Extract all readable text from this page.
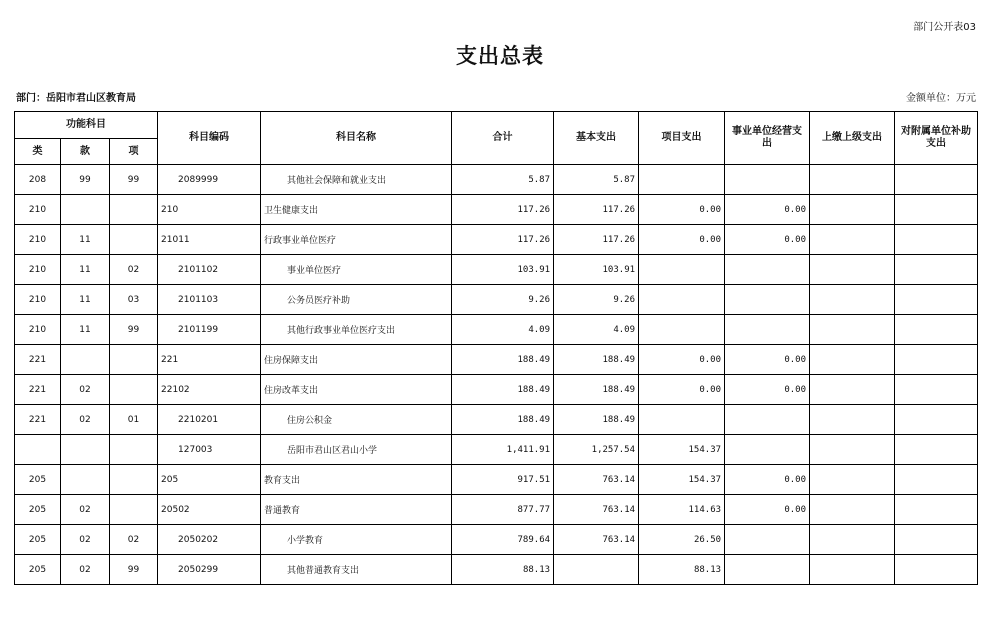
部门公开表03
支出总表
部门：岳阳市君山区教育局	金额单位：万元
功能科目			科目编码	科目名称	合计	基本支出	项目支出	事业单位经营支出	上缴上级支出	对附属单位补助支出
类	款	项								
208	99	99	2089999	其他社会保障和就业支出	5.87	5.87				
210			210	卫生健康支出	117.26	117.26	0.00	0.00		
210	11		21011	行政事业单位医疗	117.26	117.26	0.00	0.00		
210	11	02	2101102	事业单位医疗	103.91	103.91				
210	11	03	2101103	公务员医疗补助	9.26	9.26				
210	11	99	2101199	其他行政事业单位医疗支出	4.09	4.09				
221			221	住房保障支出	188.49	188.49	0.00	0.00		
221	02		22102	住房改革支出	188.49	188.49	0.00	0.00		
221	02	01	2210201	住房公积金	188.49	188.49				
			127003	岳阳市君山区君山小学	1,411.91	1,257.54	154.37			
205			205	教育支出	917.51	763.14	154.37	0.00		
205	02		20502	普通教育	877.77	763.14	114.63	0.00		
205	02	02	2050202	小学教育	789.64	763.14	26.50			
205	02	99	2050299	其他普通教育支出	88.13		88.13			
